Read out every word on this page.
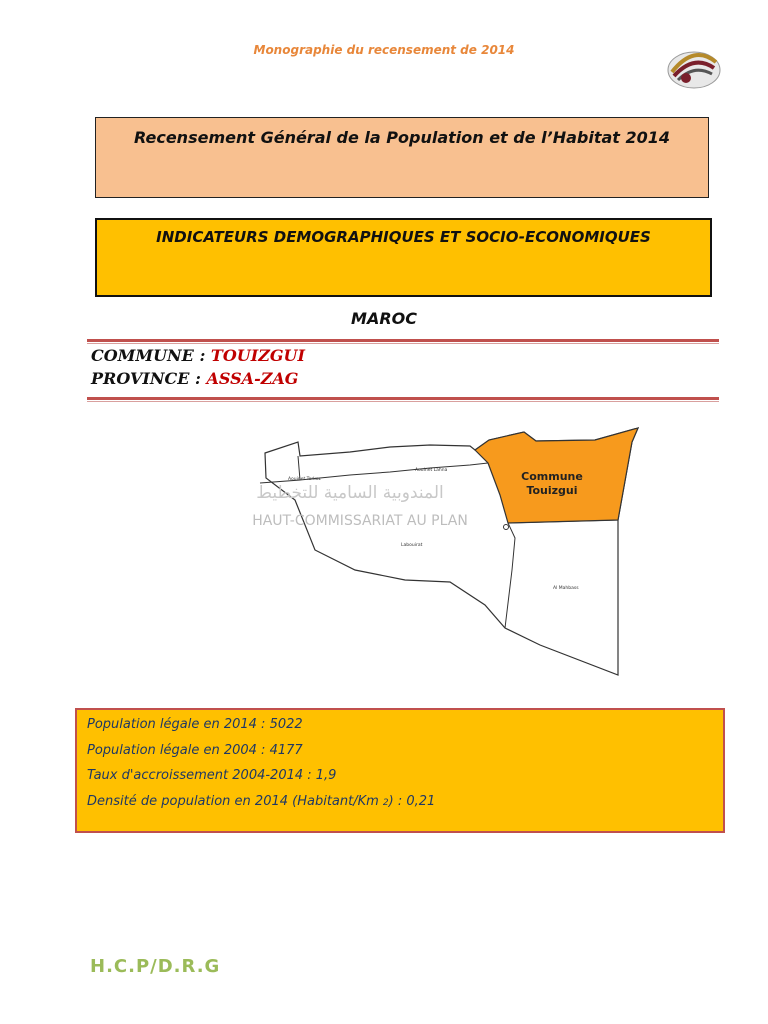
Monographie du recensement de 2014
Recensement Général de la Population et de l’Habitat 2014
INDICATEURS DEMOGRAPHIQUES ET SOCIO-ECONOMIQUES
MAROC
COMMUNE : TOUIZGUI
PROVINCE : ASSA-ZAG
المندوبية السامية للتخطيط
HAUT-COMMISSARIAT AU PLAN
Commune
Touizgui
Aouinet Lahna
Aouinet Torkoz
Labouirat
Al Mahbass
Population légale en 2014 : 5022
Population légale en 2004 : 4177
Taux d'accroissement 2004-2014 : 1,9
Densité de population en 2014 (Habitant/Km 2) : 0,21
H.C.P/D.R.G
